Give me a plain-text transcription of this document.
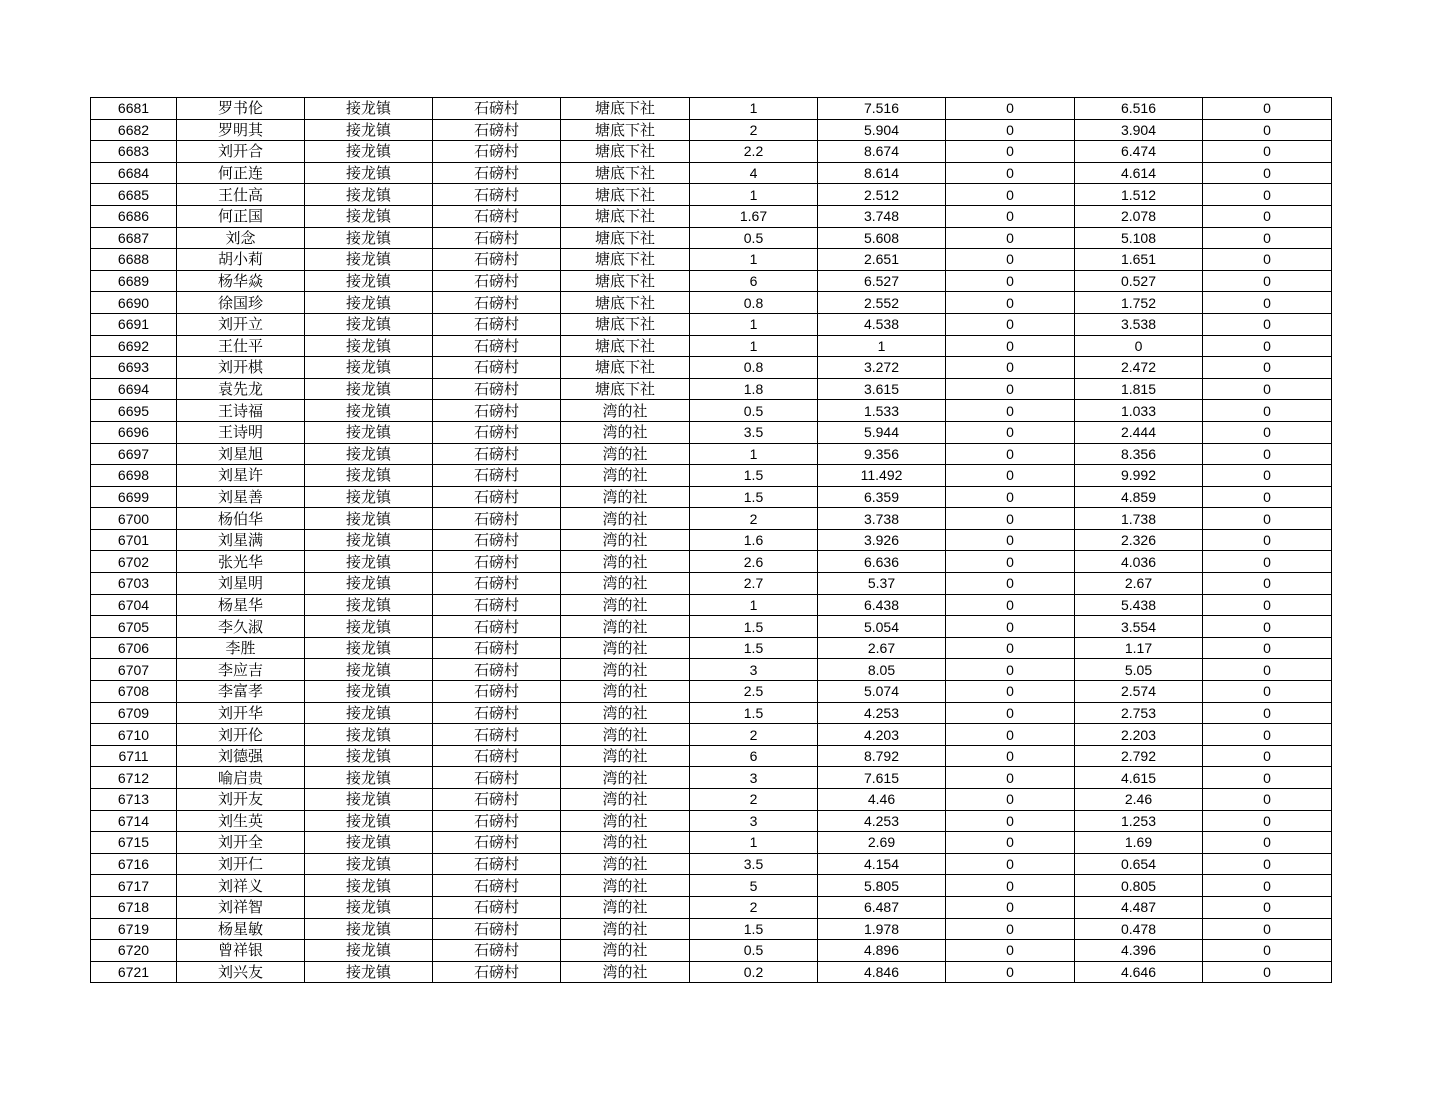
6681	罗书伦	接龙镇	石磅村	塘底下社	1	7.516	0	6.516	0
6682	罗明其	接龙镇	石磅村	塘底下社	2	5.904	0	3.904	0
6683	刘开合	接龙镇	石磅村	塘底下社	2.2	8.674	0	6.474	0
6684	何正连	接龙镇	石磅村	塘底下社	4	8.614	0	4.614	0
6685	王仕高	接龙镇	石磅村	塘底下社	1	2.512	0	1.512	0
6686	何正国	接龙镇	石磅村	塘底下社	1.67	3.748	0	2.078	0
6687	刘念	接龙镇	石磅村	塘底下社	0.5	5.608	0	5.108	0
6688	胡小莉	接龙镇	石磅村	塘底下社	1	2.651	0	1.651	0
6689	杨华焱	接龙镇	石磅村	塘底下社	6	6.527	0	0.527	0
6690	徐国珍	接龙镇	石磅村	塘底下社	0.8	2.552	0	1.752	0
6691	刘开立	接龙镇	石磅村	塘底下社	1	4.538	0	3.538	0
6692	王仕平	接龙镇	石磅村	塘底下社	1	1	0	0	0
6693	刘开棋	接龙镇	石磅村	塘底下社	0.8	3.272	0	2.472	0
6694	袁先龙	接龙镇	石磅村	塘底下社	1.8	3.615	0	1.815	0
6695	王诗福	接龙镇	石磅村	湾的社	0.5	1.533	0	1.033	0
6696	王诗明	接龙镇	石磅村	湾的社	3.5	5.944	0	2.444	0
6697	刘星旭	接龙镇	石磅村	湾的社	1	9.356	0	8.356	0
6698	刘星许	接龙镇	石磅村	湾的社	1.5	11.492	0	9.992	0
6699	刘星善	接龙镇	石磅村	湾的社	1.5	6.359	0	4.859	0
6700	杨伯华	接龙镇	石磅村	湾的社	2	3.738	0	1.738	0
6701	刘星满	接龙镇	石磅村	湾的社	1.6	3.926	0	2.326	0
6702	张光华	接龙镇	石磅村	湾的社	2.6	6.636	0	4.036	0
6703	刘星明	接龙镇	石磅村	湾的社	2.7	5.37	0	2.67	0
6704	杨星华	接龙镇	石磅村	湾的社	1	6.438	0	5.438	0
6705	李久淑	接龙镇	石磅村	湾的社	1.5	5.054	0	3.554	0
6706	李胜	接龙镇	石磅村	湾的社	1.5	2.67	0	1.17	0
6707	李应吉	接龙镇	石磅村	湾的社	3	8.05	0	5.05	0
6708	李富孝	接龙镇	石磅村	湾的社	2.5	5.074	0	2.574	0
6709	刘开华	接龙镇	石磅村	湾的社	1.5	4.253	0	2.753	0
6710	刘开伦	接龙镇	石磅村	湾的社	2	4.203	0	2.203	0
6711	刘德强	接龙镇	石磅村	湾的社	6	8.792	0	2.792	0
6712	喻启贵	接龙镇	石磅村	湾的社	3	7.615	0	4.615	0
6713	刘开友	接龙镇	石磅村	湾的社	2	4.46	0	2.46	0
6714	刘生英	接龙镇	石磅村	湾的社	3	4.253	0	1.253	0
6715	刘开全	接龙镇	石磅村	湾的社	1	2.69	0	1.69	0
6716	刘开仁	接龙镇	石磅村	湾的社	3.5	4.154	0	0.654	0
6717	刘祥义	接龙镇	石磅村	湾的社	5	5.805	0	0.805	0
6718	刘祥智	接龙镇	石磅村	湾的社	2	6.487	0	4.487	0
6719	杨星敏	接龙镇	石磅村	湾的社	1.5	1.978	0	0.478	0
6720	曾祥银	接龙镇	石磅村	湾的社	0.5	4.896	0	4.396	0
6721	刘兴友	接龙镇	石磅村	湾的社	0.2	4.846	0	4.646	0
